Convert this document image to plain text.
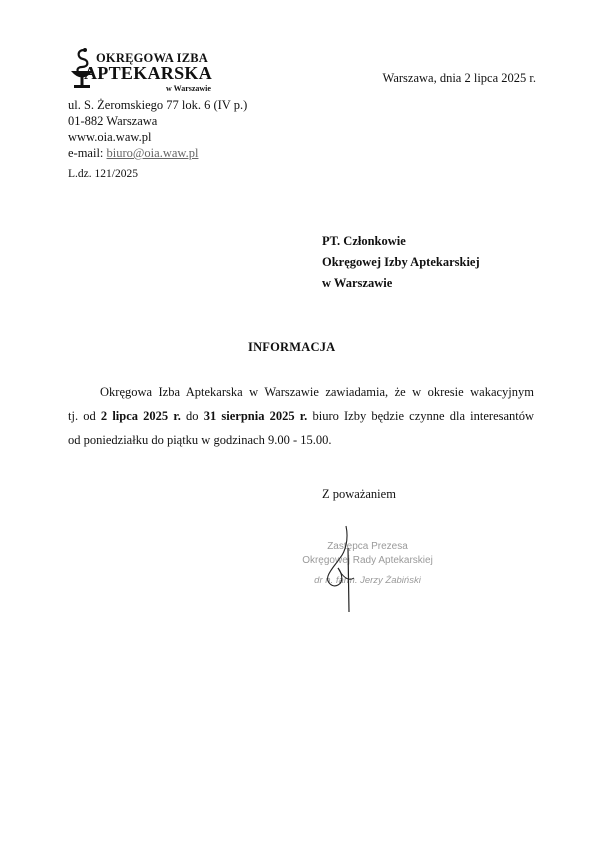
OKRĘGOWA IZBA
APTEKARSKA
w Warszawie
Warszawa, dnia 2 lipca 2025 r.
ul. S. Żeromskiego 77 lok. 6 (IV p.)
01-882 Warszawa
www.oia.waw.pl
e-mail: biuro@oia.waw.pl
L.dz. 121/2025
PT. Członkowie
Okręgowej Izby Aptekarskiej
w Warszawie
INFORMACJA
Okręgowa Izba Aptekarska w Warszawie zawiadamia, że w okresie wakacyjnym
tj. od 2 lipca 2025 r. do 31 sierpnia 2025 r. biuro Izby będzie czynne dla interesantów
od poniedziałku do piątku w godzinach 9.00 - 15.00.
Z poważaniem
Zastępca Prezesa
Okręgowej Rady Aptekarskiej
dr n. farm. Jerzy Żabiński
